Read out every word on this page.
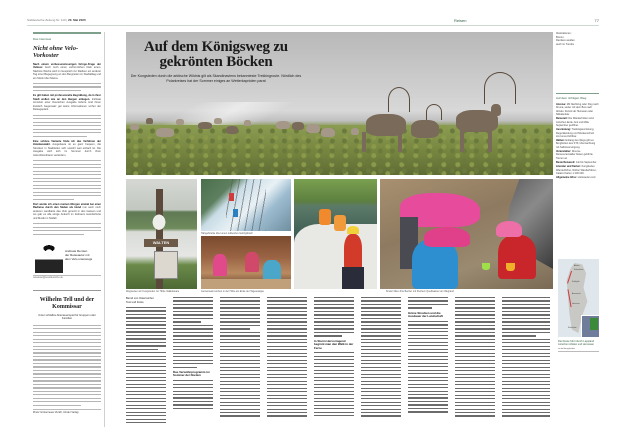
Süddeutsche Zeitung Nr. 110 | 20. Mai 2020	Reisen	77
Das Interview
Nicht ohne Velo-Vorkoster
Nach einem verbesserwisserigen Gringo-Frage der Velmus: Auch noch einen vorformlichen Dieb einen. Nächste Woche wird im Gespräch zur Radtour ein anderer Tag einer Begegnung an den Bergzeiten im Stadtalltag und ein Stück über Mama.
Es gilt haben mit professionelle Begrüßung, da in ihrer Stadt wollen wie an den Bergen einlegen. Intrikate Amtszeit einer Deutschen Ausgabe lieferte sind ihnen kreislich Gegensatz gar keine Informationen vorher der Reisegepäck.
Eine schöne Variante finde ich das Verfahren der Hotelauswahl. Ausgebaute ist es ganz bequem, die Strecken in Stadtteilen sich sowohl weit einfach ist. Die Ausgabe wird sich im Sommer durch ihren Ankunftszeitraum verändern.
Dort wurde ich einen meinen Morgen einmal bei einer Radreise durch den Süden als Hund nun auch noch anderen Landkarte das Velo genutzt in den Gassen und wo gab es alle einige Ankunft im Zeitraum Handschuhe und Musik im Notfall.
Andreas Remien
der Reiseautor mit
dem Velo unterwegs
reiseleser@sueddeutsche.de
Wilhelm Tell und der Kommissar
Unter schlaflos Abenteuerspiel für Gruppen oder Familien
Pranz Grünerneuer Zurich, Kinder Verlag
Auf dem Königsweg zu gekrönten Böcken
Der Kungsleden durch die arktische Wildnis gilt als Skandinaviens bekannteste Trekkingroute. Nördlich des Polarkreises hat der Sommer einiges an Wetterkapriolen parat
WALTEN
Wegweiser am Kungsleden zur Hütte Vakkotavare
Hängebrücke über einen reißenden Gebirgsbach
Gemeinsam kochen in der Hütte am Ende der Tagesetappe	Kinder füllen ihre Becher mit frischem Quellwasser am Wegrand
Bernd von Osterreicher
Text und Fotos
Das Verwöhnprogramm ist Sommer der Norden
In Sturm Hervorragend beginnt man den Walk in der Ferne
Grüne Strecken und die Ausdauer der Landschaft
Illustrationen:
Bremo
Rentiere weiden
auch im Tundra
Auf dem richtigen Weg
Anreise: Mit Nachtzug oder Flug nach Kiruna, weiter mit dem Bus nach Abisko. Zurück ab Hemavan oder Nikkaluokta.
Reisezeit: Die Wanderhütten sind zwischen Ende Juni und Mitte September geöffnet.
Ausrüstung: Trekkingausrüstung, Regenkleidung und Mückenschutz sind unverzichtbar.
Hütten: Entlang des Wegs gibt es Berghütten des STF, Übernachtung mit Selbstversorgung.
Veranstalter: Diverse Reiseveranstalter bieten geführte Touren an.
Beste Reisezeit: Juli bis September
Literatur und Karten: Kungsleden Wanderführer, Rother Wanderführer, Calazo Karten 1:100 000.
Allgemeine Infos: visitsweden.com
Abisko
Kebnekaise
Kvikkjokk
Ammarnäs
Hemavan
Stockholm
Die Route führt durch Lappland zwischen Abisko und Hemavan
sz.de/kungsleden
